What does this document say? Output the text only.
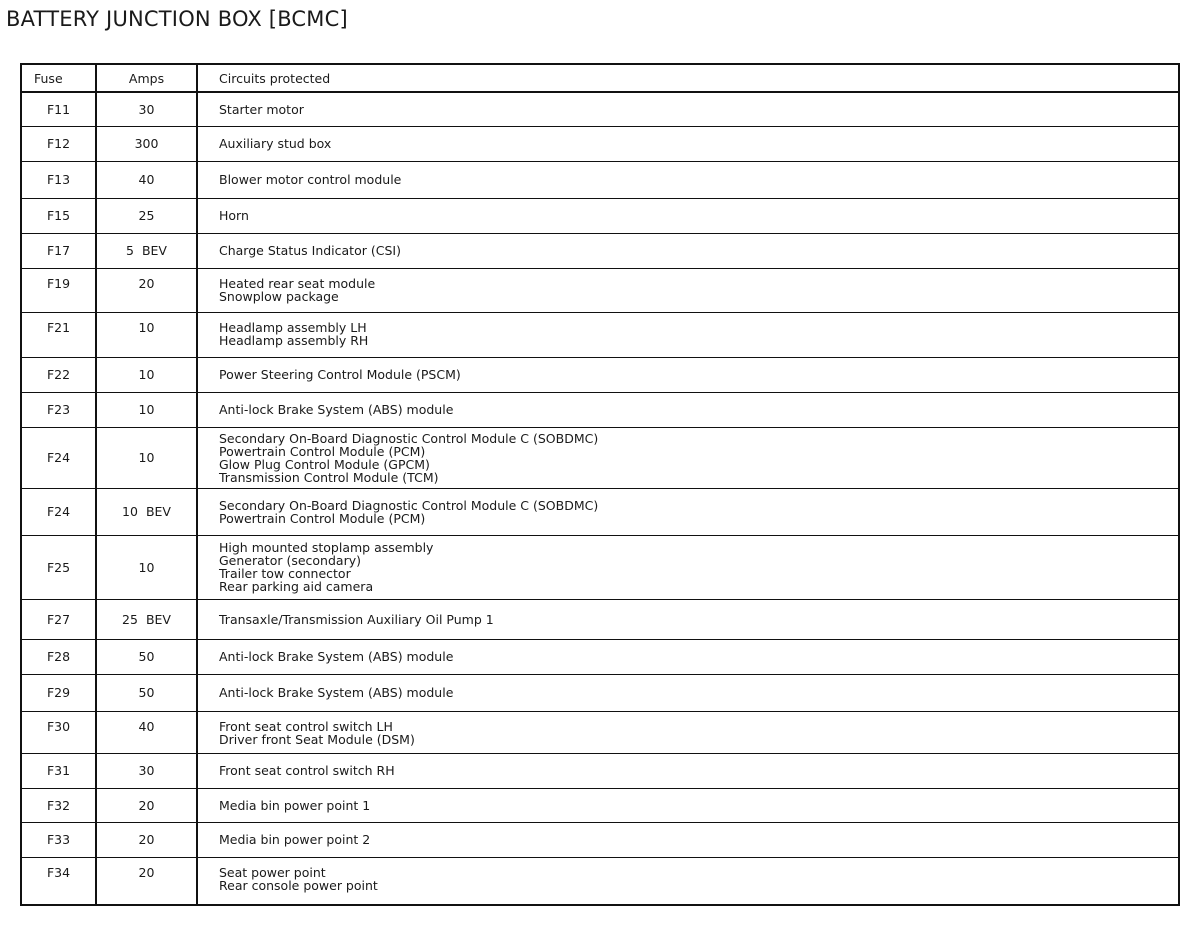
BATTERY JUNCTION BOX [BCMC]
Fuse	Amps	Circuits protected
F11	30	Starter motor

F12	300	Auxiliary stud box

F13	40	Blower motor control module

F15	25	Horn

F17	5 BEV	Charge Status Indicator (CSI)

F19	20	Heated rear seat module
Snowplow package

F21	10	Headlamp assembly LH
Headlamp assembly RH

F22	10	Power Steering Control Module (PSCM)

F23	10	Anti-lock Brake System (ABS) module

F24	10	Secondary On-Board Diagnostic Control Module C (SOBDMC)
Powertrain Control Module (PCM)
Glow Plug Control Module (GPCM)
Transmission Control Module (TCM)

F24	10 BEV	Secondary On-Board Diagnostic Control Module C (SOBDMC)
Powertrain Control Module (PCM)

F25	10	High mounted stoplamp assembly
Generator (secondary)
Trailer tow connector
Rear parking aid camera

F27	25 BEV	Transaxle/Transmission Auxiliary Oil Pump 1

F28	50	Anti-lock Brake System (ABS) module

F29	50	Anti-lock Brake System (ABS) module

F30	40	Front seat control switch LH
Driver front Seat Module (DSM)

F31	30	Front seat control switch RH

F32	20	Media bin power point 1

F33	20	Media bin power point 2

F34	20	Seat power point
Rear console power point
